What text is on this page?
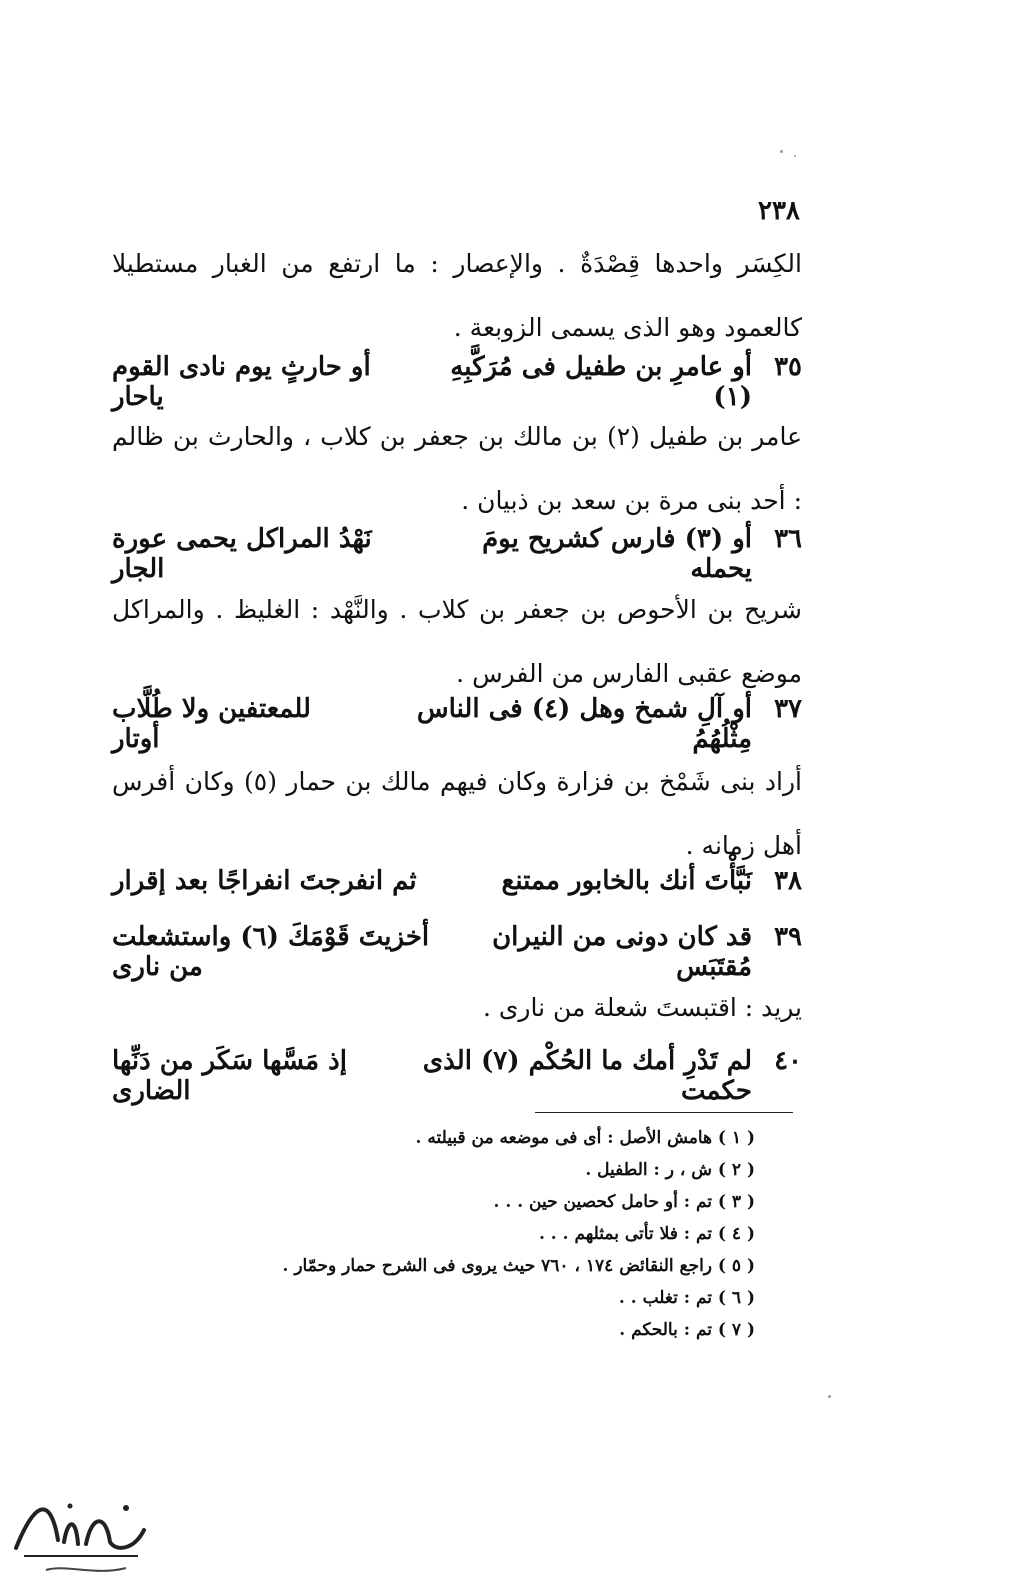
٢٣٨
الكِسَر واحدها قِصْدَةٌ . والإعصار : ما ارتفع من الغبار مستطيلا كالعمود وهو الذى يسمى الزوبعة .
٣٥
أو عامرِ بن طفيل فى مُرَكَّبِهِ (١)
أو حارثٍ يوم نادى القوم ياحار
عامر بن طفيل (٢) بن مالك بن جعفر بن كلاب ، والحارث بن ظالم : أحد بنى مرة بن سعد بن ذبيان .
٣٦
أو (٣) فارس كشريح يومَ يحمله
نَهْدُ المراكل يحمى عورة الجار
شريح بن الأحوص بن جعفر بن كلاب . والنَّهْد : الغليظ . والمراكل موضع عقبى الفارس من الفرس .
٣٧
أو آلِ شمخ وهل (٤) فى الناس مِثْلُهُمُ
للمعتفين ولا طُلَّاب أوتار
أراد بنى شَمْخ بن فزارة وكان فيهم مالك بن حمار (٥) وكان أفرس أهل زمانه .
٣٨
نَبَّأْتَ أنك بالخابور ممتنع
ثم انفرجتَ انفراجًا بعد إقرار
٣٩
قد كان دونى من النيران مُقتَبَس
أخزيتَ قَوْمَكَ (٦) واستشعلت من نارى
يريد : اقتبستَ شعلة من نارى .
٤٠
لم تَدْرِ أمك ما الحُكْم (٧) الذى حكمت
إذ مَسَّها سَكَر من دَنِّها الضارى
( ١ ) هامش الأصل : أى فى موضعه من قبيلته .
( ٢ ) ش ، ر : الطفيل .
( ٣ ) تم : أو حامل كحصين حين . . .
( ٤ ) تم : فلا تأتى بمثلهم . . .
( ٥ ) راجع النقائض ١٧٤ ، ٧٦٠ حيث يروى فى الشرح حمار وحمّار .
( ٦ ) تم : تغلب . .
( ٧ ) تم : بالحكم .
